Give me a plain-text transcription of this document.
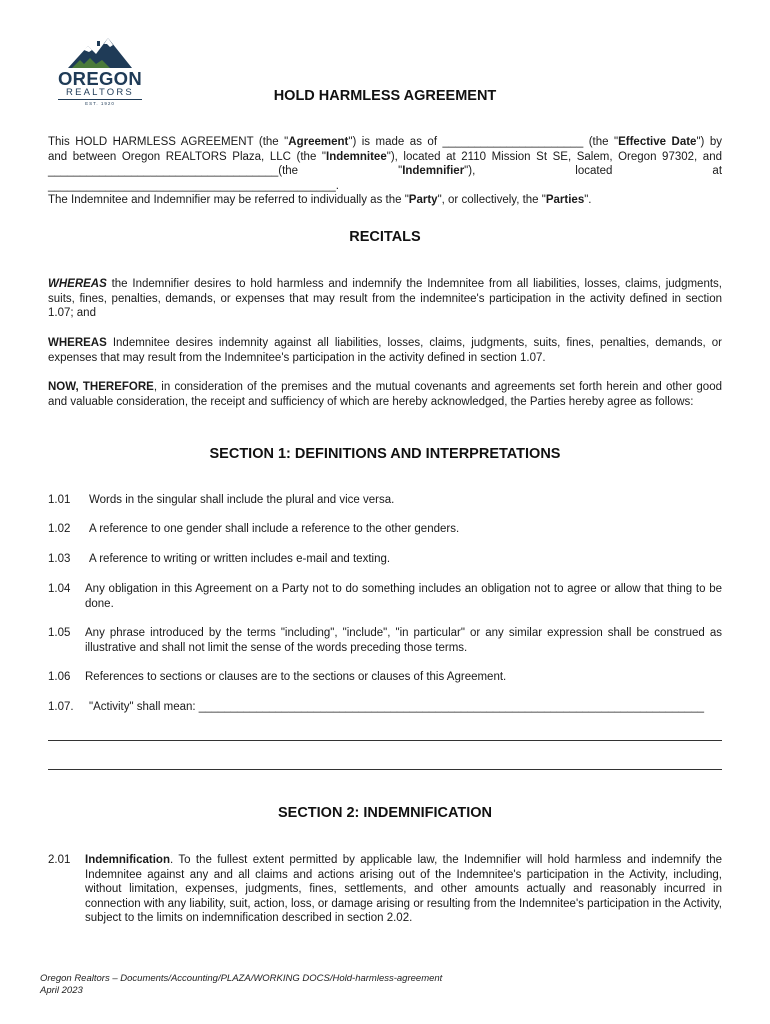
OREGON
REALTORS
EST. 1920	HOLD HARMLESS AGREEMENT
This HOLD HARMLESS AGREEMENT (the "Agreement") is made as of ______________________ (the "Effective Date") by
and between Oregon REALTORS Plaza, LLC (the "Indemnitee"), located at 2110 Mission St SE, Salem, Oregon 97302, and
____________________________________(the "Indemnifier"), located at _____________________________________________.
The Indemnitee and Indemnifier may be referred to individually as the "Party", or collectively, the "Parties".
RECITALS
WHEREAS the Indemnifier desires to hold harmless and indemnify the Indemnitee from all liabilities, losses, claims, judgments, suits, fines, penalties, demands, or expenses that may result from the indemnitee's participation in the activity defined in section 1.07; and
WHEREAS Indemnitee desires indemnity against all liabilities, losses, claims, judgments, suits, fines, penalties, demands, or expenses that may result from the Indemnitee's participation in the activity defined in section 1.07.
NOW, THEREFORE, in consideration of the premises and the mutual covenants and agreements set forth herein and other good and valuable consideration, the receipt and sufficiency of which are hereby acknowledged, the Parties hereby agree as follows:
SECTION 1: DEFINITIONS AND INTERPRETATIONS
1.01 Words in the singular shall include the plural and vice versa.
1.02 A reference to one gender shall include a reference to the other genders.
1.03 A reference to writing or written includes e-mail and texting.
1.04 Any obligation in this Agreement on a Party not to do something includes an obligation not to agree or allow that thing to be done.
1.05 Any phrase introduced by the terms "including", "include", "in particular" or any similar expression shall be construed as illustrative and shall not limit the sense of the words preceding those terms.
1.06 References to sections or clauses are to the sections or clauses of this Agreement.
1.07. "Activity" shall mean: _______________________________________________________________________________
SECTION 2: INDEMNIFICATION
2.01 Indemnification. To the fullest extent permitted by applicable law, the Indemnifier will hold harmless and indemnify the Indemnitee against any and all claims and actions arising out of the Indemnitee's participation in the Activity, including, without limitation, expenses, judgments, fines, settlements, and other amounts actually and reasonably incurred in connection with any liability, suit, action, loss, or damage arising or resulting from the Indemnitee's participation in the Activity, subject to the limits on indemnification described in section 2.02.
Oregon Realtors – Documents/Accounting/PLAZA/WORKING DOCS/Hold-harmless-agreement
April 2023
